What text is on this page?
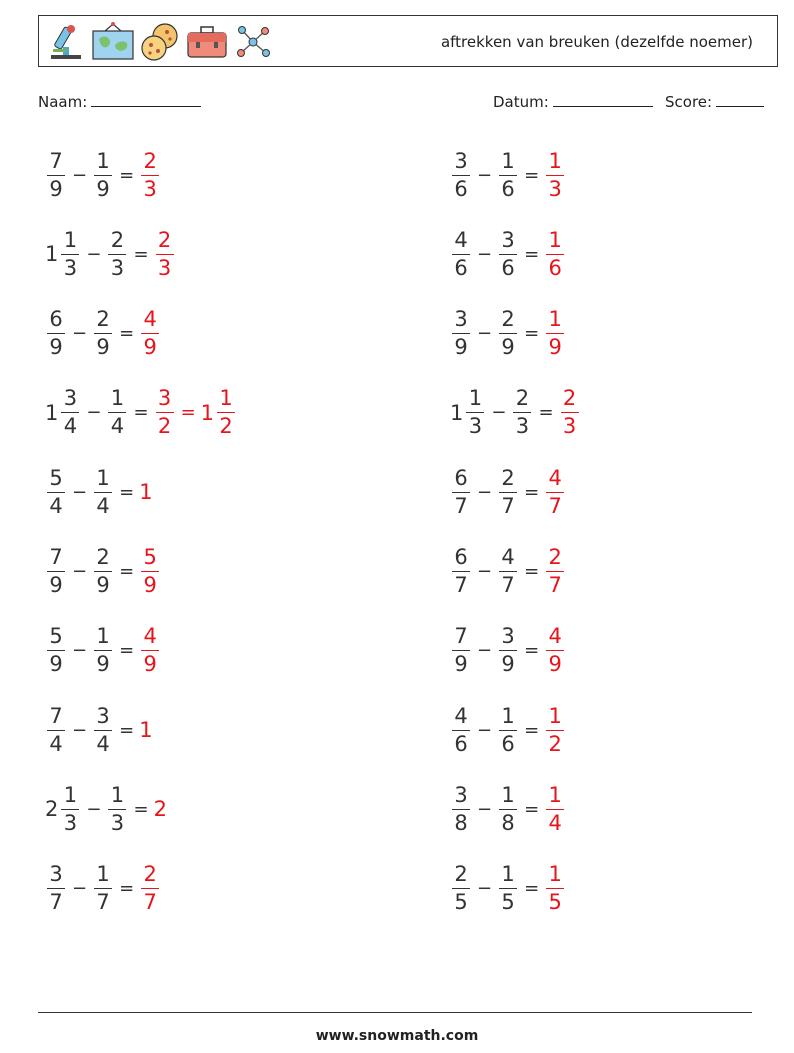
aftrekken van breuken (dezelfde noemer)
Naam:	Datum:	Score:
$\frac{7}{9} - \frac{1}{9} = \frac{2}{3}$	$\frac{3}{6} - \frac{1}{6} = \frac{1}{3}$
$1 \frac{1}{3} - \frac{2}{3} = \frac{2}{3}$	$\frac{4}{6} - \frac{3}{6} = \frac{1}{6}$
$\frac{6}{9} - \frac{2}{9} = \frac{4}{9}$	$\frac{3}{9} - \frac{2}{9} = \frac{1}{9}$
$1 \frac{3}{4} - \frac{1}{4} = \frac{3}{2} = 1 \frac{1}{2}$	$1 \frac{1}{3} - \frac{2}{3} = \frac{2}{3}$
$\frac{5}{4} - \frac{1}{4} = 1$	$\frac{6}{7} - \frac{2}{7} = \frac{4}{7}$
$\frac{7}{9} - \frac{2}{9} = \frac{5}{9}$	$\frac{6}{7} - \frac{4}{7} = \frac{2}{7}$
$\frac{5}{9} - \frac{1}{9} = \frac{4}{9}$	$\frac{7}{9} - \frac{3}{9} = \frac{4}{9}$
$\frac{7}{4} - \frac{3}{4} = 1$	$\frac{4}{6} - \frac{1}{6} = \frac{1}{2}$
$2 \frac{1}{3} - \frac{1}{3} = 2$	$\frac{3}{8} - \frac{1}{8} = \frac{1}{4}$
$\frac{3}{7} - \frac{1}{7} = \frac{2}{7}$	$\frac{2}{5} - \frac{1}{5} = \frac{1}{5}$
www.snowmath.com
